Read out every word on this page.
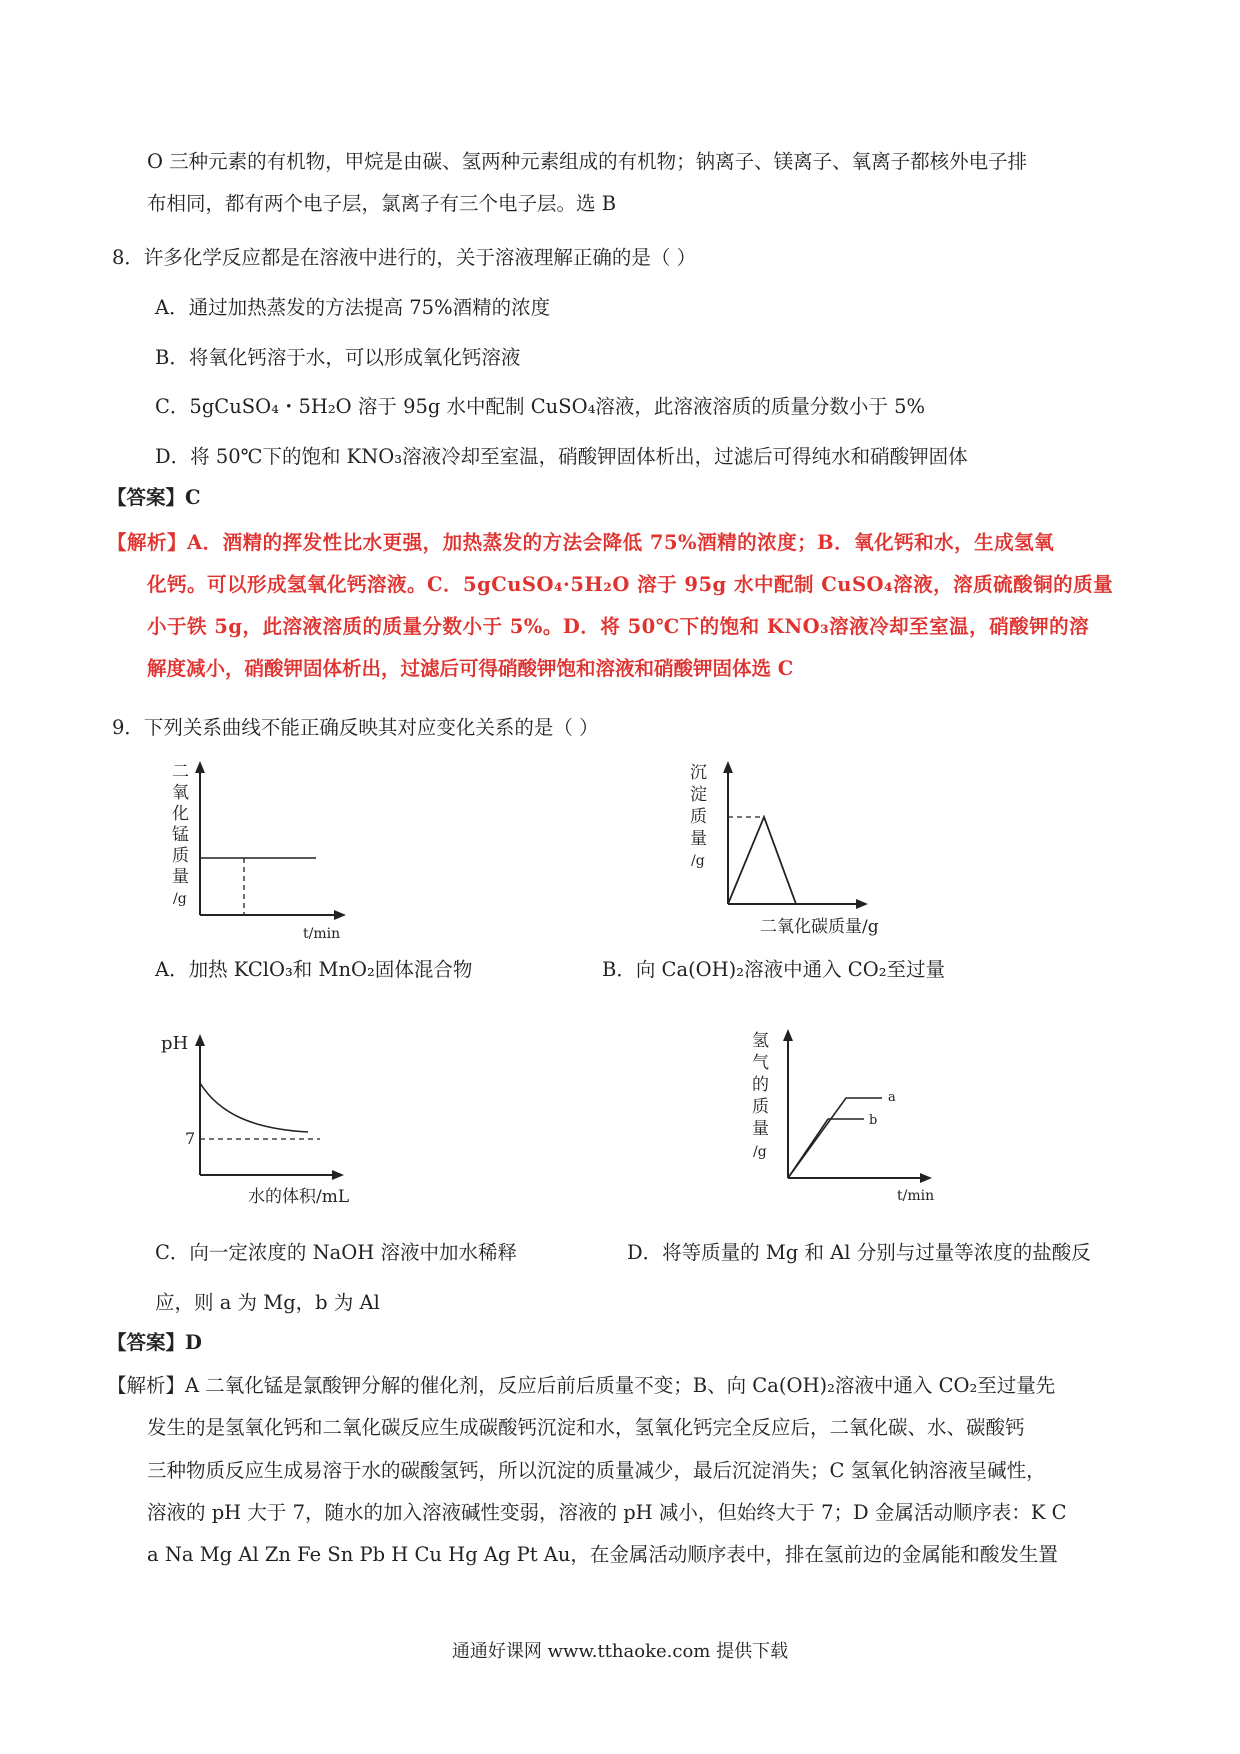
O 三种元素的有机物，甲烷是由碳、氢两种元素组成的有机物；钠离子、镁离子、氧离子都核外电子排
布相同，都有两个电子层，氯离子有三个电子层。选 B
8．许多化学反应都是在溶液中进行的，关于溶液理解正确的是（ ）
A．通过加热蒸发的方法提高 75%酒精的浓度
B．将氧化钙溶于水，可以形成氧化钙溶液
C．5gCuSO₄・5H₂O 溶于 95g 水中配制 CuSO₄溶液，此溶液溶质的质量分数小于 5%
D．将 50℃下的饱和 KNO₃溶液冷却至室温，硝酸钾固体析出，过滤后可得纯水和硝酸钾固体
【答案】C
【解析】A．酒精的挥发性比水更强，加热蒸发的方法会降低 75%酒精的浓度；B．氧化钙和水，生成氢氧
化钙。可以形成氢氧化钙溶液。C．5gCuSO₄·5H₂O 溶于 95g 水中配制 CuSO₄溶液，溶质硫酸铜的质量
小于铁 5g，此溶液溶质的质量分数小于 5%。D．将 50℃下的饱和 KNO₃溶液冷却至室温，硝酸钾的溶
解度减小，硝酸钾固体析出，过滤后可得硝酸钾饱和溶液和硝酸钾固体选 C
9．下列关系曲线不能正确反映其对应变化关系的是（ ）
二
氧
化
锰
质
量
/g
t/min
沉
淀
质
量
/g
二氧化碳质量/g
A．加热 KClO₃和 MnO₂固体混合物	B．向 Ca(OH)₂溶液中通入 CO₂至过量
pH
7
水的体积/mL
a
b
氢
气
的
质
量
/g
t/min
C．向一定浓度的 NaOH 溶液中加水稀释	D．将等质量的 Mg 和 Al 分别与过量等浓度的盐酸反
应，则 a 为 Mg，b 为 Al
【答案】D
【解析】A 二氧化锰是氯酸钾分解的催化剂，反应后前后质量不变；B、向 Ca(OH)₂溶液中通入 CO₂至过量先
发生的是氢氧化钙和二氧化碳反应生成碳酸钙沉淀和水，氢氧化钙完全反应后，二氧化碳、水、碳酸钙
三种物质反应生成易溶于水的碳酸氢钙，所以沉淀的质量减少，最后沉淀消失；C 氢氧化钠溶液呈碱性，
溶液的 pH 大于 7，随水的加入溶液碱性变弱，溶液的 pH 减小，但始终大于 7；D 金属活动顺序表：K C
a Na Mg Al Zn Fe Sn Pb H Cu Hg Ag Pt Au，在金属活动顺序表中，排在氢前边的金属能和酸发生置
通通好课网 www.tthaoke.com 提供下载
